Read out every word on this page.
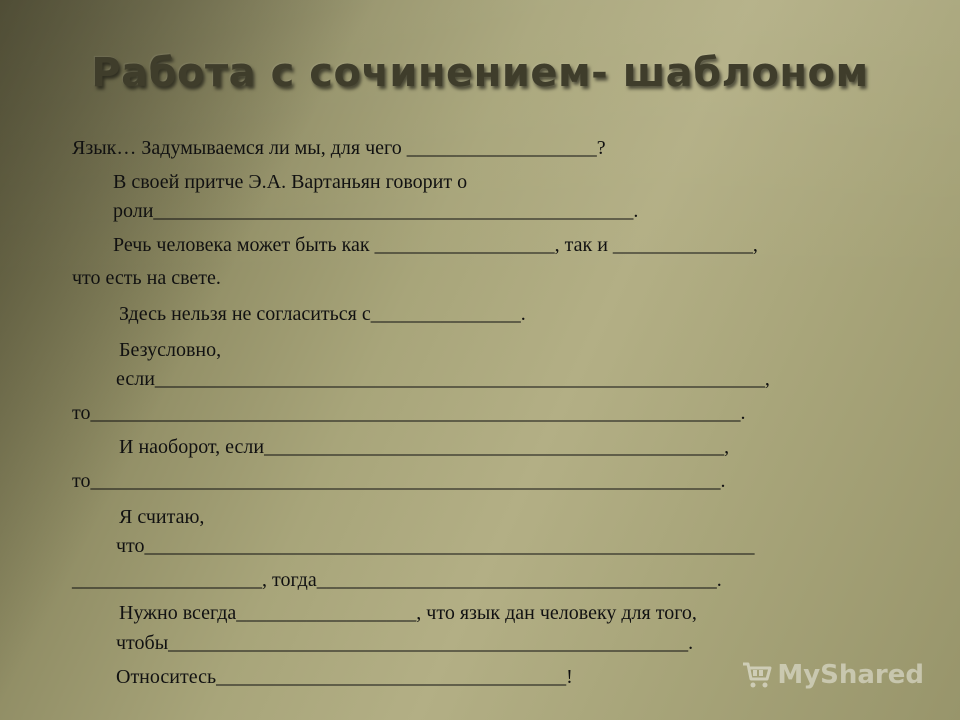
Работа с сочинением- шаблоном

Язык… Задумываемся ли мы, для чего ___________________?

В своей притче Э.А. Вартаньян говорит о

роли________________________________________________.

Речь человека может быть как __________________, так и ______________,

что есть на свете.

Здесь нельзя не согласиться с_______________.

Безусловно,

если_____________________________________________________________,

то_________________________________________________________________.

И наоборот, если______________________________________________,

то_______________________________________________________________.

Я считаю,

что_____________________________________________________________

___________________, тогда________________________________________.

Нужно всегда__________________, что язык дан человеку для того,

чтобы____________________________________________________.

Относитесь___________________________________!	MyShared
